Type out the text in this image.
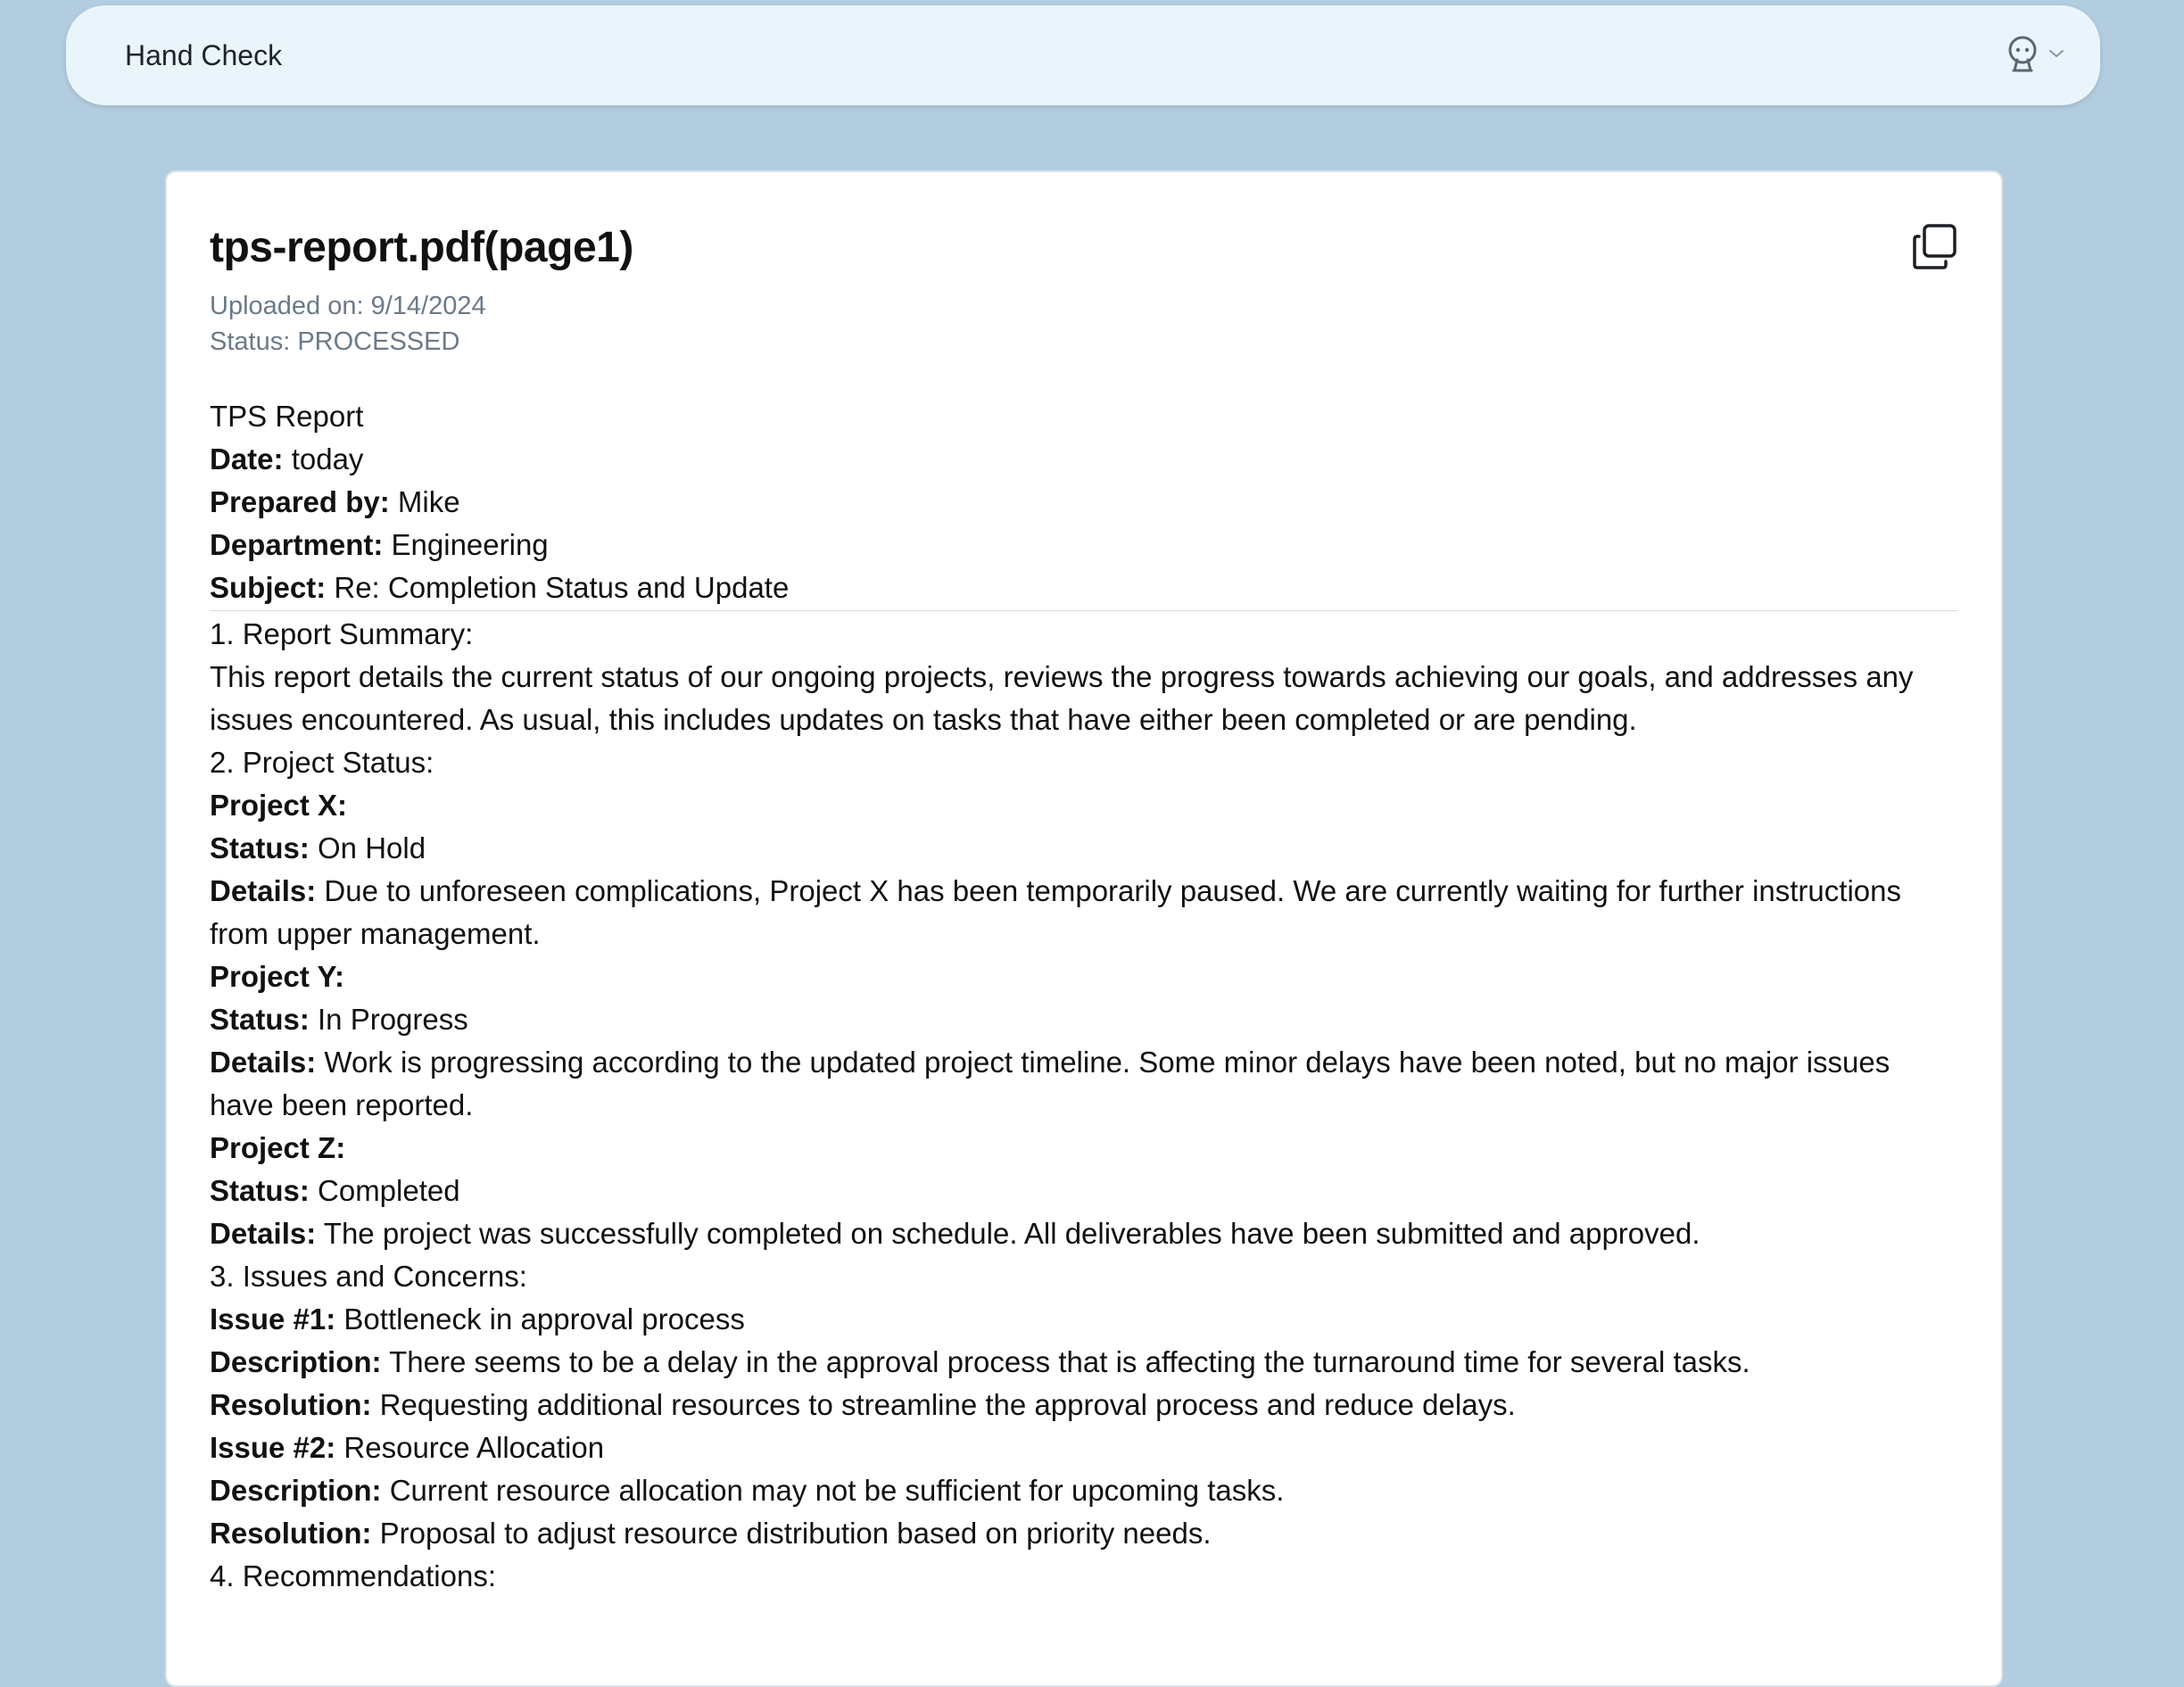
Hand Check
tps-report.pdf(page1)
Uploaded on: 9/14/2024
Status: PROCESSED
TPS Report
Date: today
Prepared by: Mike
Department: Engineering
Subject: Re: Completion Status and Update
1. Report Summary:
This report details the current status of our ongoing projects, reviews the progress towards achieving our goals, and addresses any issues encountered. As usual, this includes updates on tasks that have either been completed or are pending.
2. Project Status:
Project X:
Status: On Hold
Details: Due to unforeseen complications, Project X has been temporarily paused. We are currently waiting for further instructions from upper management.
Project Y:
Status: In Progress
Details: Work is progressing according to the updated project timeline. Some minor delays have been noted, but no major issues have been reported.
Project Z:
Status: Completed
Details: The project was successfully completed on schedule. All deliverables have been submitted and approved.
3. Issues and Concerns:
Issue #1: Bottleneck in approval process
Description: There seems to be a delay in the approval process that is affecting the turnaround time for several tasks.
Resolution: Requesting additional resources to streamline the approval process and reduce delays.
Issue #2: Resource Allocation
Description: Current resource allocation may not be sufficient for upcoming tasks.
Resolution: Proposal to adjust resource distribution based on priority needs.
4. Recommendations:
